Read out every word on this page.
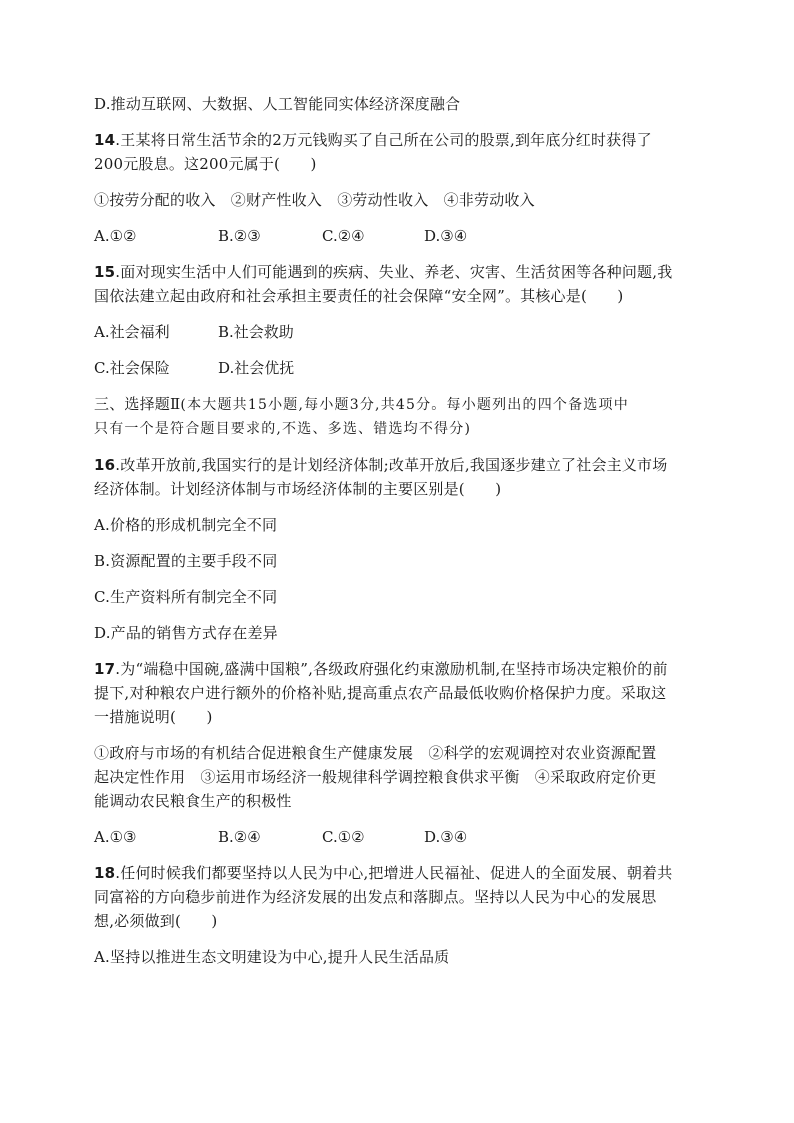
D.推动互联网、大数据、人工智能同实体经济深度融合
14.王某将日常生活节余的2万元钱购买了自己所在公司的股票,到年底分红时获得了
200元股息。这200元属于(　　)
①按劳分配的收入　②财产性收入　③劳动性收入　④非劳动收入
A.①②	B.②③	C.②④	D.③④
15.面对现实生活中人们可能遇到的疾病、失业、养老、灾害、生活贫困等各种问题,我
国依法建立起由政府和社会承担主要责任的社会保障“安全网”。其核心是(　　)
A.社会福利	B.社会救助
C.社会保险	D.社会优抚
三、选择题Ⅱ(本大题共15小题,每小题3分,共45分。每小题列出的四个备选项中
只有一个是符合题目要求的,不选、多选、错选均不得分)
16.改革开放前,我国实行的是计划经济体制;改革开放后,我国逐步建立了社会主义市场
经济体制。计划经济体制与市场经济体制的主要区别是(　　)
A.价格的形成机制完全不同
B.资源配置的主要手段不同
C.生产资料所有制完全不同
D.产品的销售方式存在差异
17.为“端稳中国碗,盛满中国粮”,各级政府强化约束激励机制,在坚持市场决定粮价的前
提下,对种粮农户进行额外的价格补贴,提高重点农产品最低收购价格保护力度。采取这
一措施说明(　　)
①政府与市场的有机结合促进粮食生产健康发展　②科学的宏观调控对农业资源配置
起决定性作用　③运用市场经济一般规律科学调控粮食供求平衡　④采取政府定价更
能调动农民粮食生产的积极性
A.①③	B.②④	C.①②	D.③④
18.任何时候我们都要坚持以人民为中心,把增进人民福祉、促进人的全面发展、朝着共
同富裕的方向稳步前进作为经济发展的出发点和落脚点。坚持以人民为中心的发展思
想,必须做到(　　)
A.坚持以推进生态文明建设为中心,提升人民生活品质
